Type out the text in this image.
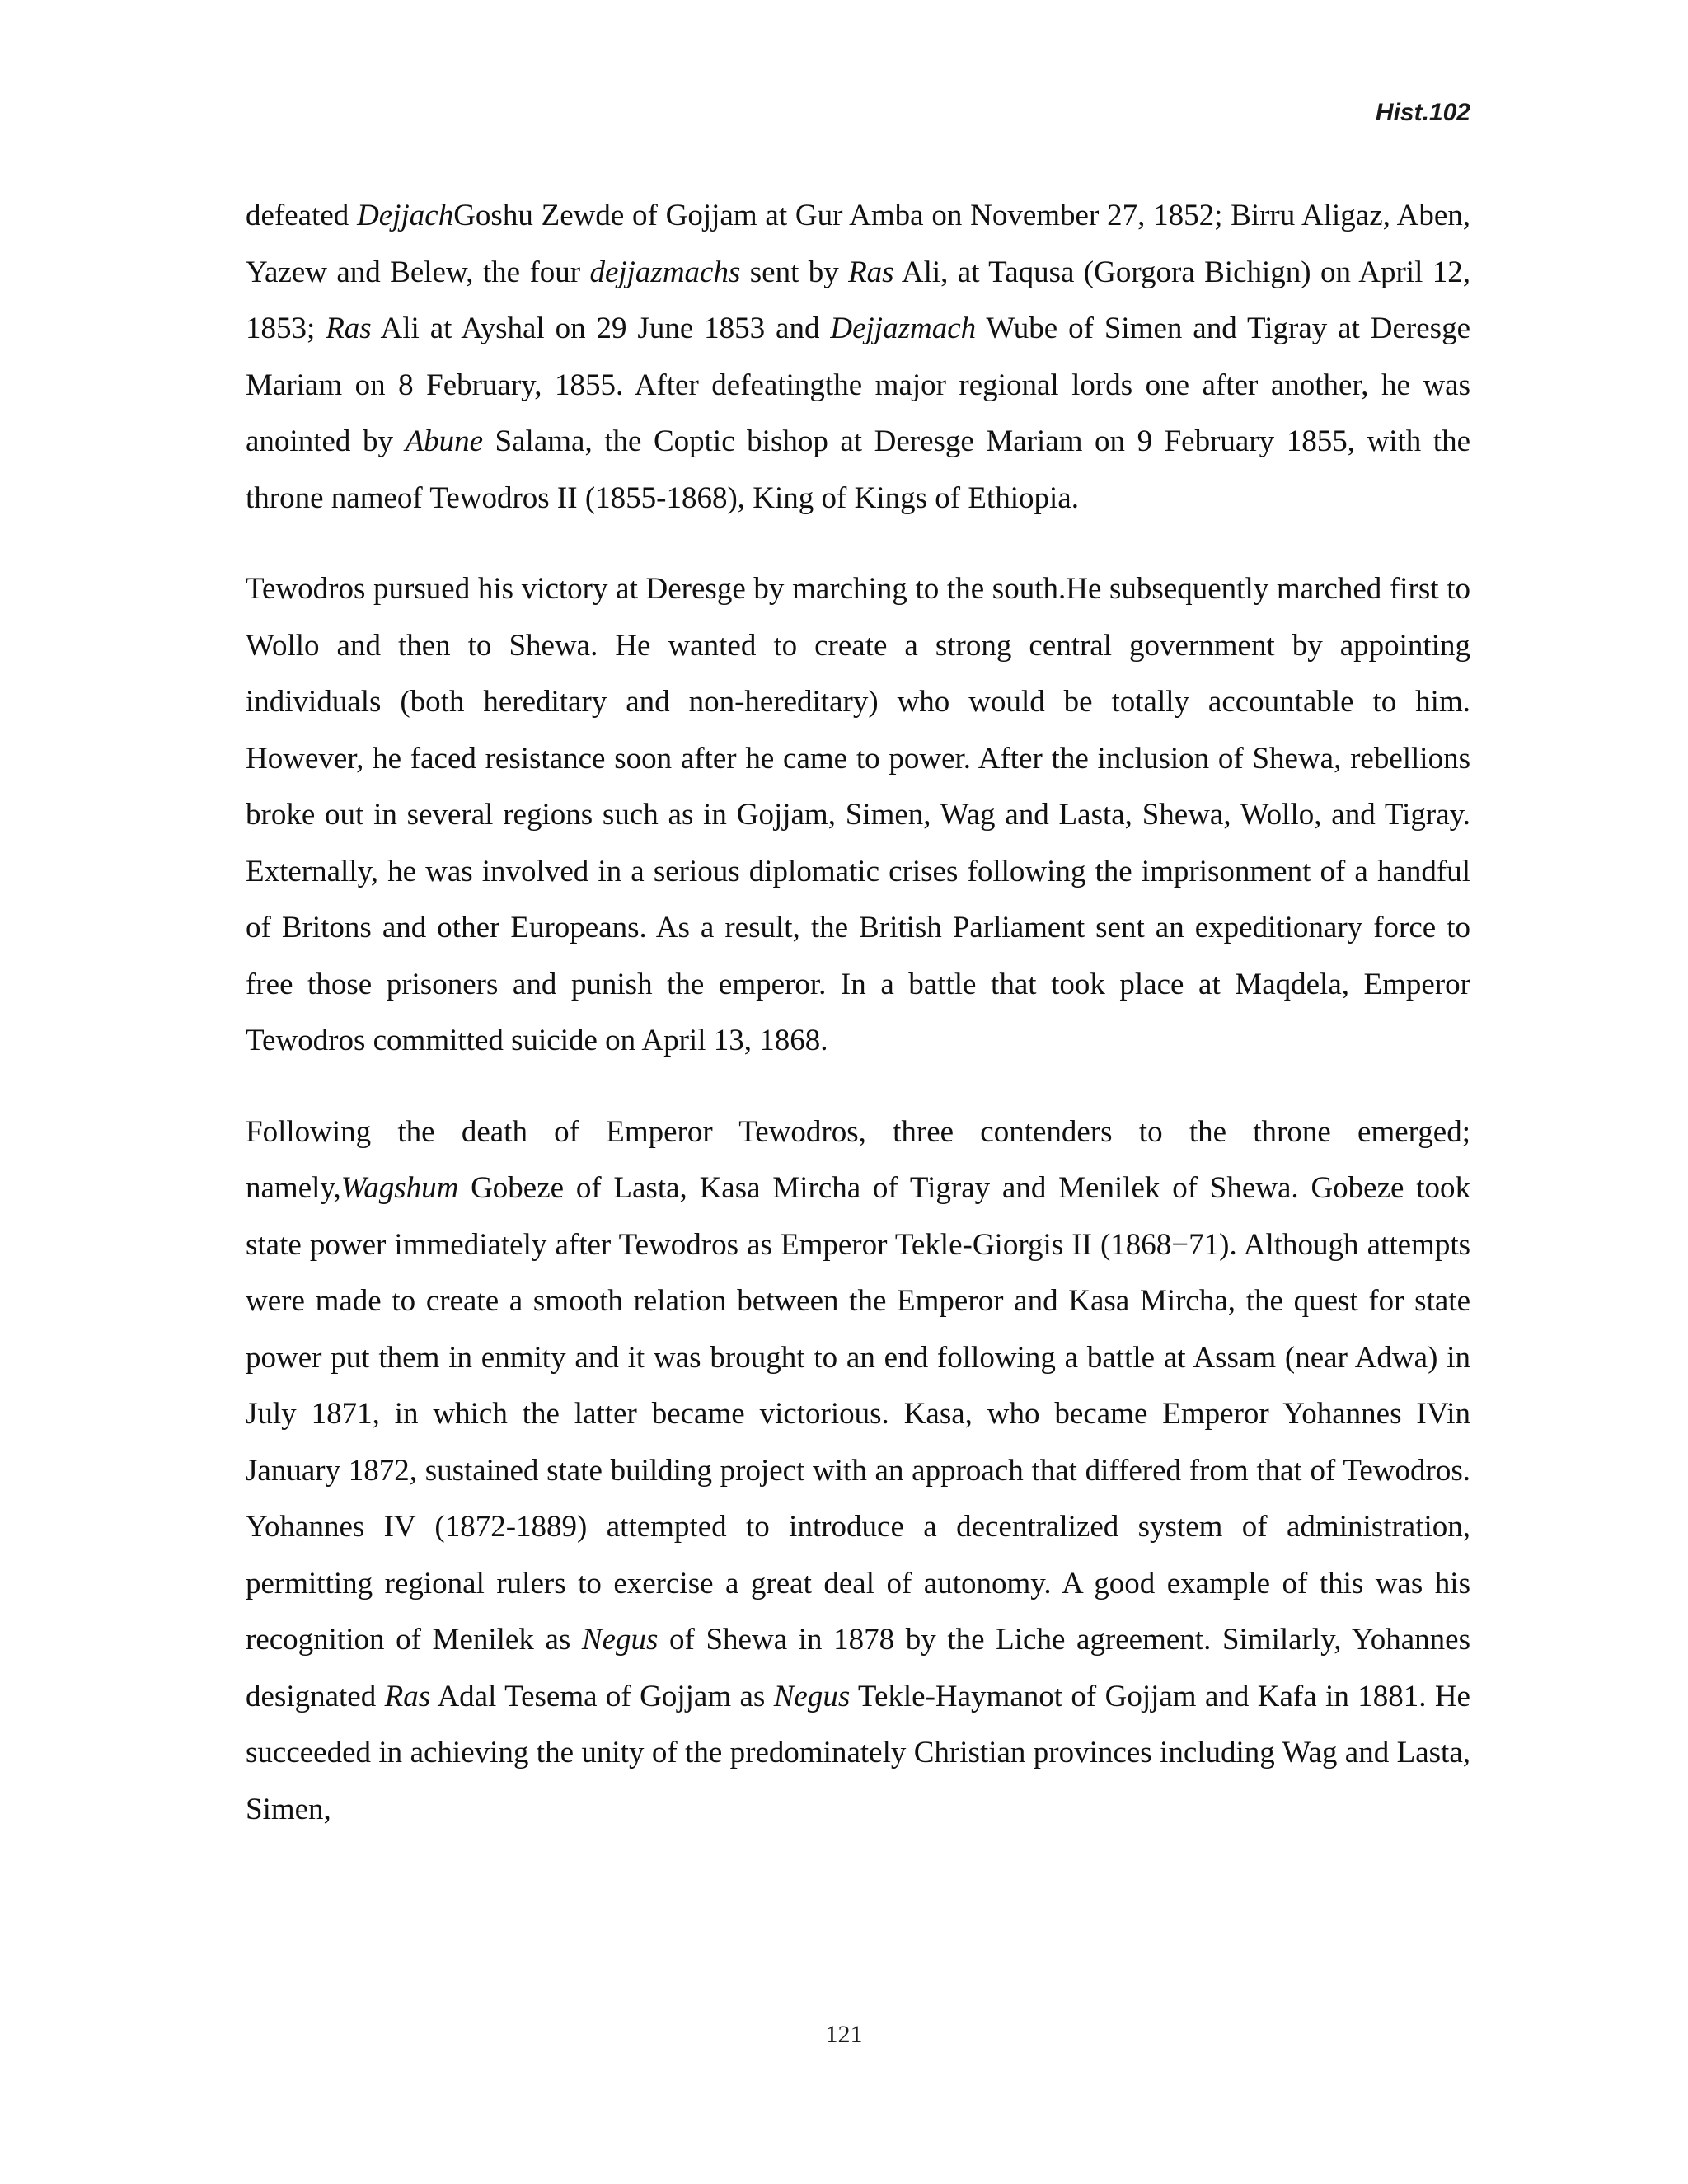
Hist.102

defeated DejjachGoshu Zewde of Gojjam at Gur Amba on November 27, 1852; Birru Aligaz, Aben, Yazew and Belew, the four dejjazmachs sent by Ras Ali, at Taqusa (Gorgora Bichign) on April 12, 1853; Ras Ali at Ayshal on 29 June 1853 and Dejjazmach Wube of Simen and Tigray at Deresge Mariam on 8 February, 1855. After defeatingthe major regional lords one after another, he was anointed by Abune Salama, the Coptic bishop at Deresge Mariam on 9 February 1855, with the throne nameof Tewodros II (1855-1868), King of Kings of Ethiopia.

Tewodros pursued his victory at Deresge by marching to the south.He subsequently marched first to Wollo and then to Shewa. He wanted to create a strong central government by appointing individuals (both hereditary and non-hereditary) who would be totally accountable to him. However, he faced resistance soon after he came to power. After the inclusion of Shewa, rebellions broke out in several regions such as in Gojjam, Simen, Wag and Lasta, Shewa, Wollo, and Tigray. Externally, he was involved in a serious diplomatic crises following the imprisonment of a handful of Britons and other Europeans. As a result, the British Parliament sent an expeditionary force to free those prisoners and punish the emperor. In a battle that took place at Maqdela, Emperor Tewodros committed suicide on April 13, 1868.

Following the death of Emperor Tewodros, three contenders to the throne emerged; namely,Wagshum Gobeze of Lasta, Kasa Mircha of Tigray and Menilek of Shewa. Gobeze took state power immediately after Tewodros as Emperor Tekle-Giorgis II (1868−71). Although attempts were made to create a smooth relation between the Emperor and Kasa Mircha, the quest for state power put them in enmity and it was brought to an end following a battle at Assam (near Adwa) in July 1871, in which the latter became victorious. Kasa, who became Emperor Yohannes IVin January 1872, sustained state building project with an approach that differed from that of Tewodros. Yohannes IV (1872-1889) attempted to introduce a decentralized system of administration, permitting regional rulers to exercise a great deal of autonomy. A good example of this was his recognition of Menilek as Negus of Shewa in 1878 by the Liche agreement. Similarly, Yohannes designated Ras Adal Tesema of Gojjam as Negus Tekle-Haymanot of Gojjam and Kafa in 1881. He succeeded in achieving the unity of the predominately Christian provinces including Wag and Lasta, Simen,

121
